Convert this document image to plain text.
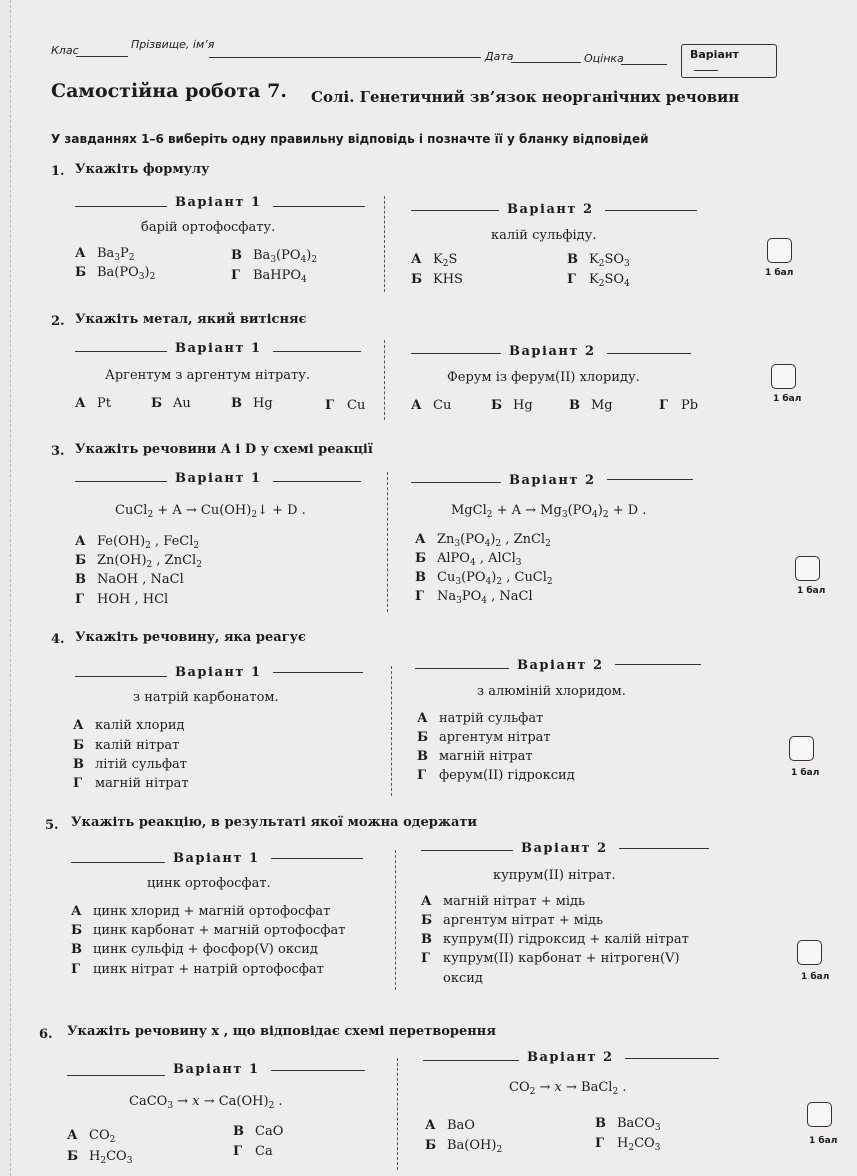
Клас	Прізвище, ім’я
Дата	Оцінка	Варіант
Самостійна робота 7. Солі. Генетичний зв’язок неорганічних речовин
У завданнях 1–6 виберіть одну правильну відповідь і позначте її у бланку відповідей
1. Укажіть формулу
Варіант 1	Варіант 2
барій ортофосфату.
калій сульфіду.
А $Ba_3P_2$
Б $Ba(PO_3)_2$
В $Ba_3(PO_4)_2$
Г BaHPO$_4$
А $K_2S$
Б KHS
В $K_2SO_3$
Г $K_2SO_4$
1 бал
2. Укажіть метал, який витісняє
Варіант 1	Варіант 2
Аргентум з аргентум нітрату.	Ферум із ферум(II) хлориду.
А Pt	Б Au	В Hg	Г Cu	А Cu	Б Hg	В Mg	Г Pb	1 бал
3. Укажіть речовини A і D у схемі реакції
Варіант 1	Варіант 2
CuCl$_2$ + $A \to Cu(OH)_2↓ + D$ .	MgCl$_2$ + $A \to Mg_3(PO_4)_2 + D$ .
А $Fe(OH)_2$ , FeCl$_2$
Б $Zn(OH)_2$ , ZnCl$_2$
В NaOH , NaCl
Г HOH , HCl
А $Zn_3(PO_4)_2$ , ZnCl$_2$
Б AlPO$_4$ , AlCl$_3$
В $Cu_3(PO_4)_2$ , CuCl$_2$
Г $Na_3PO_4$ , NaCl	1 бал
4. Укажіть речовину, яка реагує
Варіант 1	Варіант 2
з натрій карбонатом.	з алюміній хлоридом.
А калій хлорид
Б калій нітрат
В літій сульфат
Г магній нітрат
А натрій сульфат
Б аргентум нітрат
В магній нітрат
Г ферум(II) гідроксид	1 бал
5. Укажіть реакцію, в результаті якої можна одержати
Варіант 1
Варіант 2
цинк ортофосфат.
купрум(II) нітрат.
А цинк хлорид + магній ортофосфат
Б цинк карбонат + магній ортофосфат
В цинк сульфід + фосфор(V) оксид
Г цинк нітрат + натрій ортофосфат
А магній нітрат + мідь
Б аргентум нітрат + мідь
В купрум(II) гідроксид + калій нітрат
Г купрум(II) карбонат + нітроген(V)
оксид	1 бал
6. Укажіть речовину x , що відповідає схемі перетворення
Варіант 1
Варіант 2
CaCO$_3$ → $x \to Ca(OH)_2$ .
$CO_2 \to x$ → BaCl$_2$ .
А $CO_2$
Б $H_2CO_3$
В CaO
Г Ca
А BaO
Б $Ba(OH)_2$
В BaCO$_3$
Г $H_2CO_3$
1 бал
